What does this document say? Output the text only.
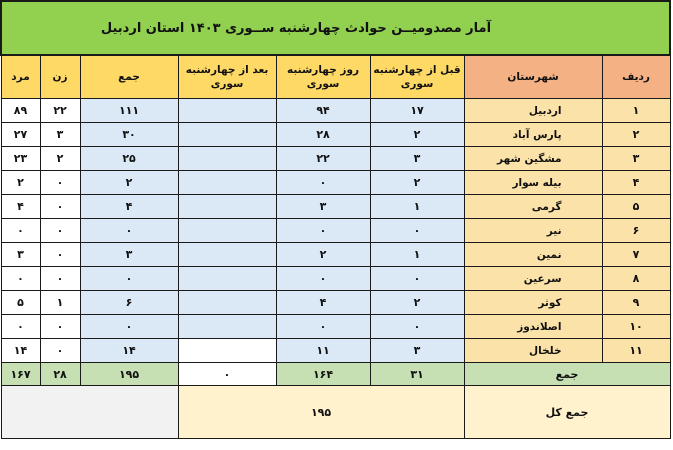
آمار مصدومیــن حوادث چهارشنبه ســوری ۱۴۰۳ استان اردبیل							
ردیف	شهرستان	قبل از چهارشنبه سوری	روز چهارشنبه سوری	بعد از چهارشنبه سوری	جمع	زن	مرد
۱	اردبیل	۱۷	۹۴		۱۱۱	۲۲	۸۹
۲	پارس آباد	۲	۲۸		۳۰	۳	۲۷
۳	مشگین شهر	۳	۲۲		۲۵	۲	۲۳
۴	بیله سوار	۲	۰		۲	۰	۲
۵	گرمی	۱	۳		۴	۰	۴
۶	نیر	۰	۰		۰	۰	۰
۷	نمین	۱	۲		۳	۰	۳
۸	سرعین	۰	۰		۰	۰	۰
۹	کوثر	۲	۴		۶	۱	۵
۱۰	اصلاندوز	۰	۰		۰	۰	۰
۱۱	خلخال	۳	۱۱		۱۴	۰	۱۴
جمع		۳۱	۱۶۴	۰	۱۹۵	۲۸	۱۶۷
جمع کل		۱۹۵					
